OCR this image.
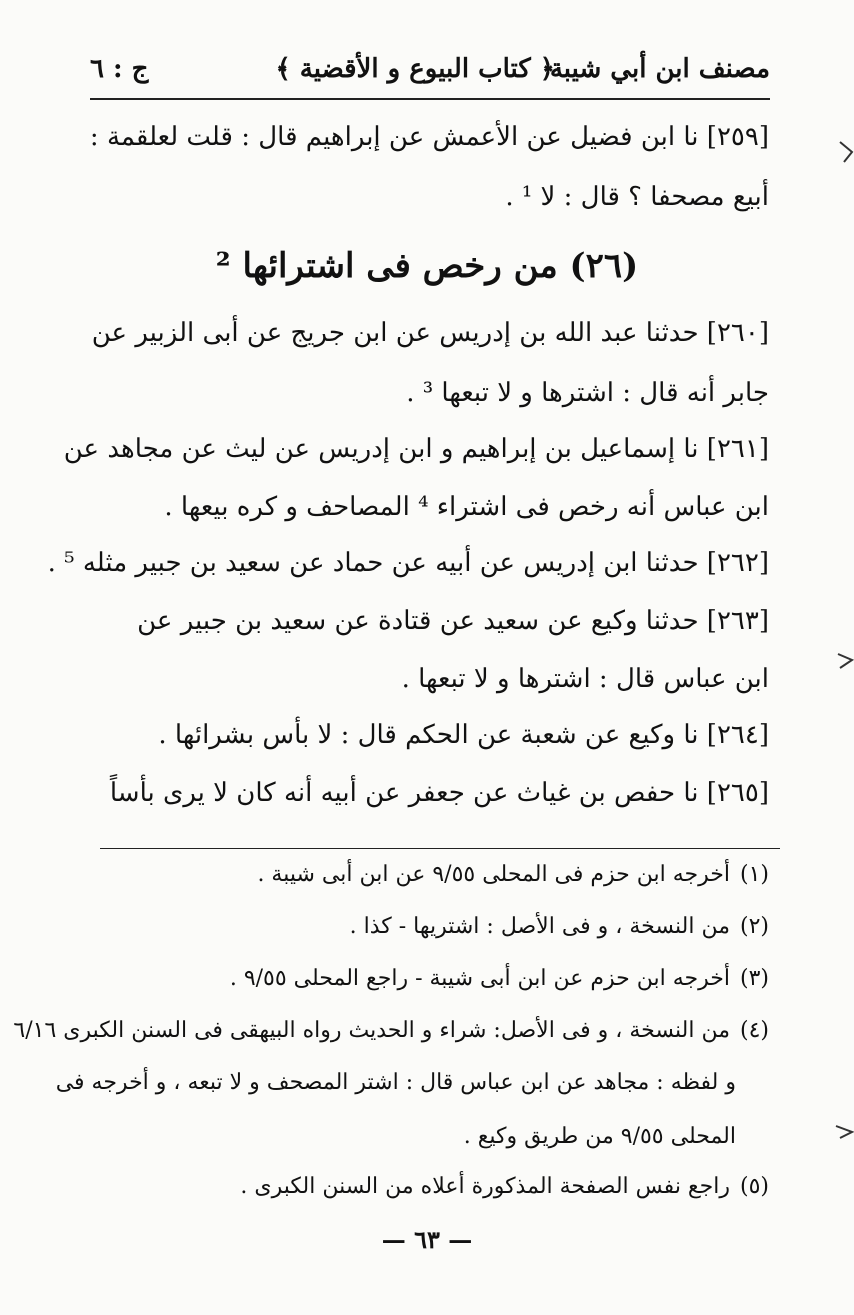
مصنف ابن أبي شيبة
﴿ كتاب البيوع و الأقضية ﴾
ج : ٦
[٢٥٩] نا ابن فضيل عن الأعمش عن إبراهيم قال : قلت لعلقمة :
أبيع مصحفا ؟ قال : لا ¹ .
(٢٦) من رخص فى اشترائها ²
[٢٦٠] حدثنا عبد الله بن إدريس عن ابن جريج عن أبى الزبير عن
جابر أنه قال : اشترها و لا تبعها ³ .
[٢٦١] نا إسماعيل بن إبراهيم و ابن إدريس عن ليث عن مجاهد عن
ابن عباس أنه رخص فى اشتراء ⁴ المصاحف و كره بيعها .
[٢٦٢] حدثنا ابن إدريس عن أبيه عن حماد عن سعيد بن جبير مثله ⁵ .
[٢٦٣] حدثنا وكيع عن سعيد عن قتادة عن سعيد بن جبير عن
ابن عباس قال : اشترها و لا تبعها .
[٢٦٤] نا وكيع عن شعبة عن الحكم قال : لا بأس بشرائها .
[٢٦٥] نا حفص بن غياث عن جعفر عن أبيه أنه كان لا يرى بأساً
(١)أخرجه ابن حزم فى المحلى ٩/٥٥ عن ابن أبى شيبة .
(٢)من النسخة ، و فى الأصل : اشتريها - كذا .
(٣)أخرجه ابن حزم عن ابن أبى شيبة - راجع المحلى ٩/٥٥ .
(٤)من النسخة ، و فى الأصل: شراء و الحديث رواه البيهقى فى السنن الكبرى ٦/١٦
و لفظه : مجاهد عن ابن عباس قال : اشتر المصحف و لا تبعه ، و أخرجه فى
المحلى ٩/٥٥ من طريق وكيع .
(٥)راجع نفس الصفحة المذكورة أعلاه من السنن الكبرى .
— ٦٣ —
